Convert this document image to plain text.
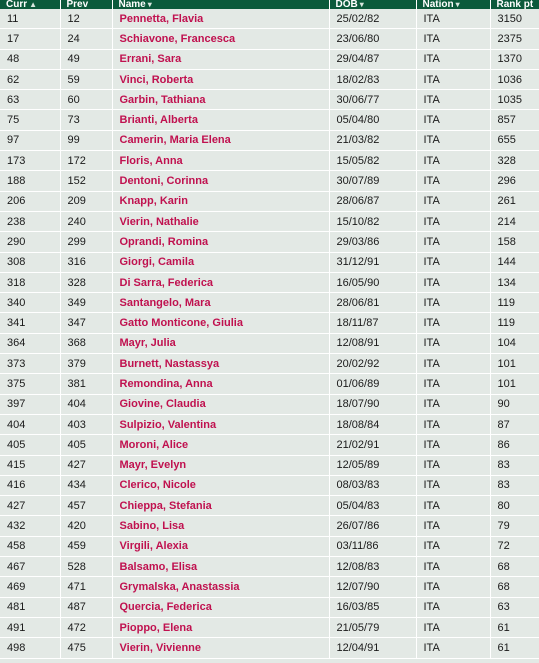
Curr ▲	Prev	Name ▾	DOB ▾	Nation ▾	Rank pt

11	12	Pennetta, Flavia	25/02/82	ITA	3150
17	24	Schiavone, Francesca	23/06/80	ITA	2375
48	49	Errani, Sara	29/04/87	ITA	1370
62	59	Vinci, Roberta	18/02/83	ITA	1036
63	60	Garbin, Tathiana	30/06/77	ITA	1035
75	73	Brianti, Alberta	05/04/80	ITA	857
97	99	Camerin, Maria Elena	21/03/82	ITA	655
173	172	Floris, Anna	15/05/82	ITA	328
188	152	Dentoni, Corinna	30/07/89	ITA	296
206	209	Knapp, Karin	28/06/87	ITA	261
238	240	Vierin, Nathalie	15/10/82	ITA	214
290	299	Oprandi, Romina	29/03/86	ITA	158
308	316	Giorgi, Camila	31/12/91	ITA	144
318	328	Di Sarra, Federica	16/05/90	ITA	134
340	349	Santangelo, Mara	28/06/81	ITA	119
341	347	Gatto Monticone, Giulia	18/11/87	ITA	119
364	368	Mayr, Julia	12/08/91	ITA	104
373	379	Burnett, Nastassya	20/02/92	ITA	101
375	381	Remondina, Anna	01/06/89	ITA	101
397	404	Giovine, Claudia	18/07/90	ITA	90
404	403	Sulpizio, Valentina	18/08/84	ITA	87
405	405	Moroni, Alice	21/02/91	ITA	86
415	427	Mayr, Evelyn	12/05/89	ITA	83
416	434	Clerico, Nicole	08/03/83	ITA	83
427	457	Chieppa, Stefania	05/04/83	ITA	80
432	420	Sabino, Lisa	26/07/86	ITA	79
458	459	Virgili, Alexia	03/11/86	ITA	72
467	528	Balsamo, Elisa	12/08/83	ITA	68
469	471	Grymalska, Anastassia	12/07/90	ITA	68
481	487	Quercia, Federica	16/03/85	ITA	63
491	472	Pioppo, Elena	21/05/79	ITA	61
498	475	Vierin, Vivienne	12/04/91	ITA	61
